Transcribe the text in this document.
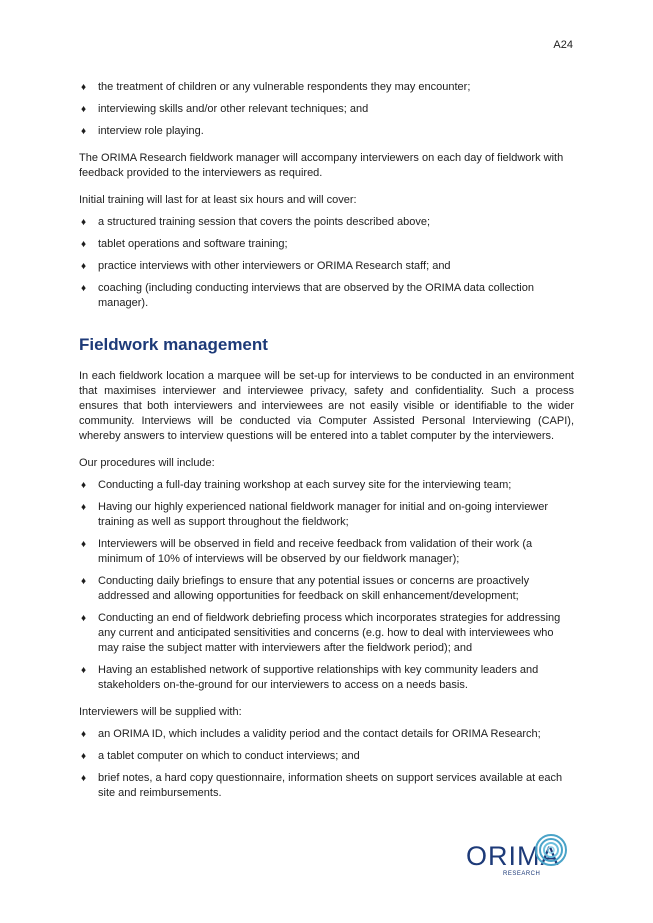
A24
♦ the treatment of children or any vulnerable respondents they may encounter;
♦ interviewing skills and/or other relevant techniques; and
♦ interview role playing.

The ORIMA Research fieldwork manager will accompany interviewers on each day of fieldwork with feedback provided to the interviewers as required.

Initial training will last for at least six hours and will cover:

♦ a structured training session that covers the points described above;
♦ tablet operations and software training;
♦ practice interviews with other interviewers or ORIMA Research staff; and
♦ coaching (including conducting interviews that are observed by the ORIMA data collection manager).
Fieldwork management

In each fieldwork location a marquee will be set-up for interviews to be conducted in an environment that maximises interviewer and interviewee privacy, safety and confidentiality. Such a process ensures that both interviewers and interviewees are not easily visible or identifiable to the wider community. Interviews will be conducted via Computer Assisted Personal Interviewing (CAPI), whereby answers to interview questions will be entered into a tablet computer by the interviewers.

Our procedures will include:

♦ Conducting a full-day training workshop at each survey site for the interviewing team;
♦ Having our highly experienced national fieldwork manager for initial and on-going interviewer training as well as support throughout the fieldwork;
♦ Interviewers will be observed in field and receive feedback from validation of their work (a minimum of 10% of interviews will be observed by our fieldwork manager);
♦ Conducting daily briefings to ensure that any potential issues or concerns are proactively addressed and allowing opportunities for feedback on skill enhancement/development;
♦ Conducting an end of fieldwork debriefing process which incorporates strategies for addressing any current and anticipated sensitivities and concerns (e.g. how to deal with interviewees who may raise the subject matter with interviewers after the fieldwork period); and
♦ Having an established network of supportive relationships with key community leaders and stakeholders on-the-ground for our interviewers to access on a needs basis.

Interviewers will be supplied with:

♦ an ORIMA ID, which includes a validity period and the contact details for ORIMA Research;
♦ a tablet computer on which to conduct interviews; and
♦ brief notes, a hard copy questionnaire, information sheets on support services available at each site and reimbursements.
ORIMA
RESEARCH
